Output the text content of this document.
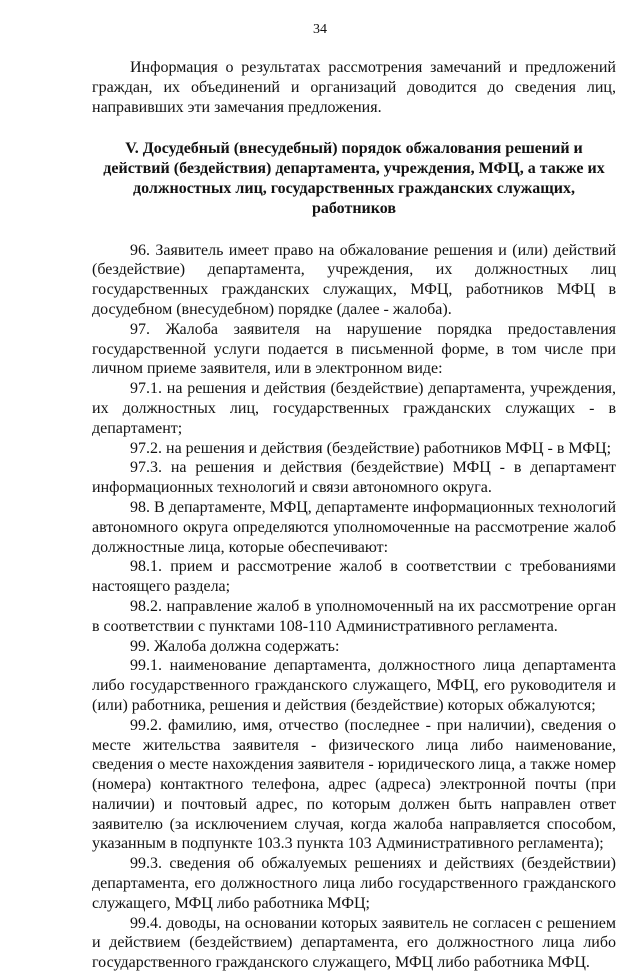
34

Информация о результатах рассмотрения замечаний и предложений граждан, их объединений и организаций доводится до сведения лиц, направивших эти замечания предложения.

V. Досудебный (внесудебный) порядок обжалования решений и действий (бездействия) департамента, учреждения, МФЦ, а также их должностных лиц, государственных гражданских служащих, работников

96. Заявитель имеет право на обжалование решения и (или) действий (бездействие) департамента, учреждения, их должностных лиц государственных гражданских служащих, МФЦ, работников МФЦ в досудебном (внесудебном) порядке (далее - жалоба).

97. Жалоба заявителя на нарушение порядка предоставления государственной услуги подается в письменной форме, в том числе при личном приеме заявителя, или в электронном виде:

97.1. на решения и действия (бездействие) департамента, учреждения, их должностных лиц, государственных гражданских служащих - в департамент;

97.2. на решения и действия (бездействие) работников МФЦ - в МФЦ;

97.3. на решения и действия (бездействие) МФЦ - в департамент информационных технологий и связи автономного округа.

98. В департаменте, МФЦ, департаменте информационных технологий автономного округа определяются уполномоченные на рассмотрение жалоб должностные лица, которые обеспечивают:

98.1. прием и рассмотрение жалоб в соответствии с требованиями настоящего раздела;

98.2. направление жалоб в уполномоченный на их рассмотрение орган в соответствии с пунктами 108-110 Административного регламента.

99. Жалоба должна содержать:

99.1. наименование департамента, должностного лица департамента либо государственного гражданского служащего, МФЦ, его руководителя и (или) работника, решения и действия (бездействие) которых обжалуются;

99.2. фамилию, имя, отчество (последнее - при наличии), сведения о месте жительства заявителя - физического лица либо наименование, сведения о месте нахождения заявителя - юридического лица, а также номер (номера) контактного телефона, адрес (адреса) электронной почты (при наличии) и почтовый адрес, по которым должен быть направлен ответ заявителю (за исключением случая, когда жалоба направляется способом, указанным в подпункте 103.3 пункта 103 Административного регламента);

99.3. сведения об обжалуемых решениях и действиях (бездействии) департамента, его должностного лица либо государственного гражданского служащего, МФЦ либо работника МФЦ;

99.4. доводы, на основании которых заявитель не согласен с решением и действием (бездействием) департамента, его должностного лица либо государственного гражданского служащего, МФЦ либо работника МФЦ.
